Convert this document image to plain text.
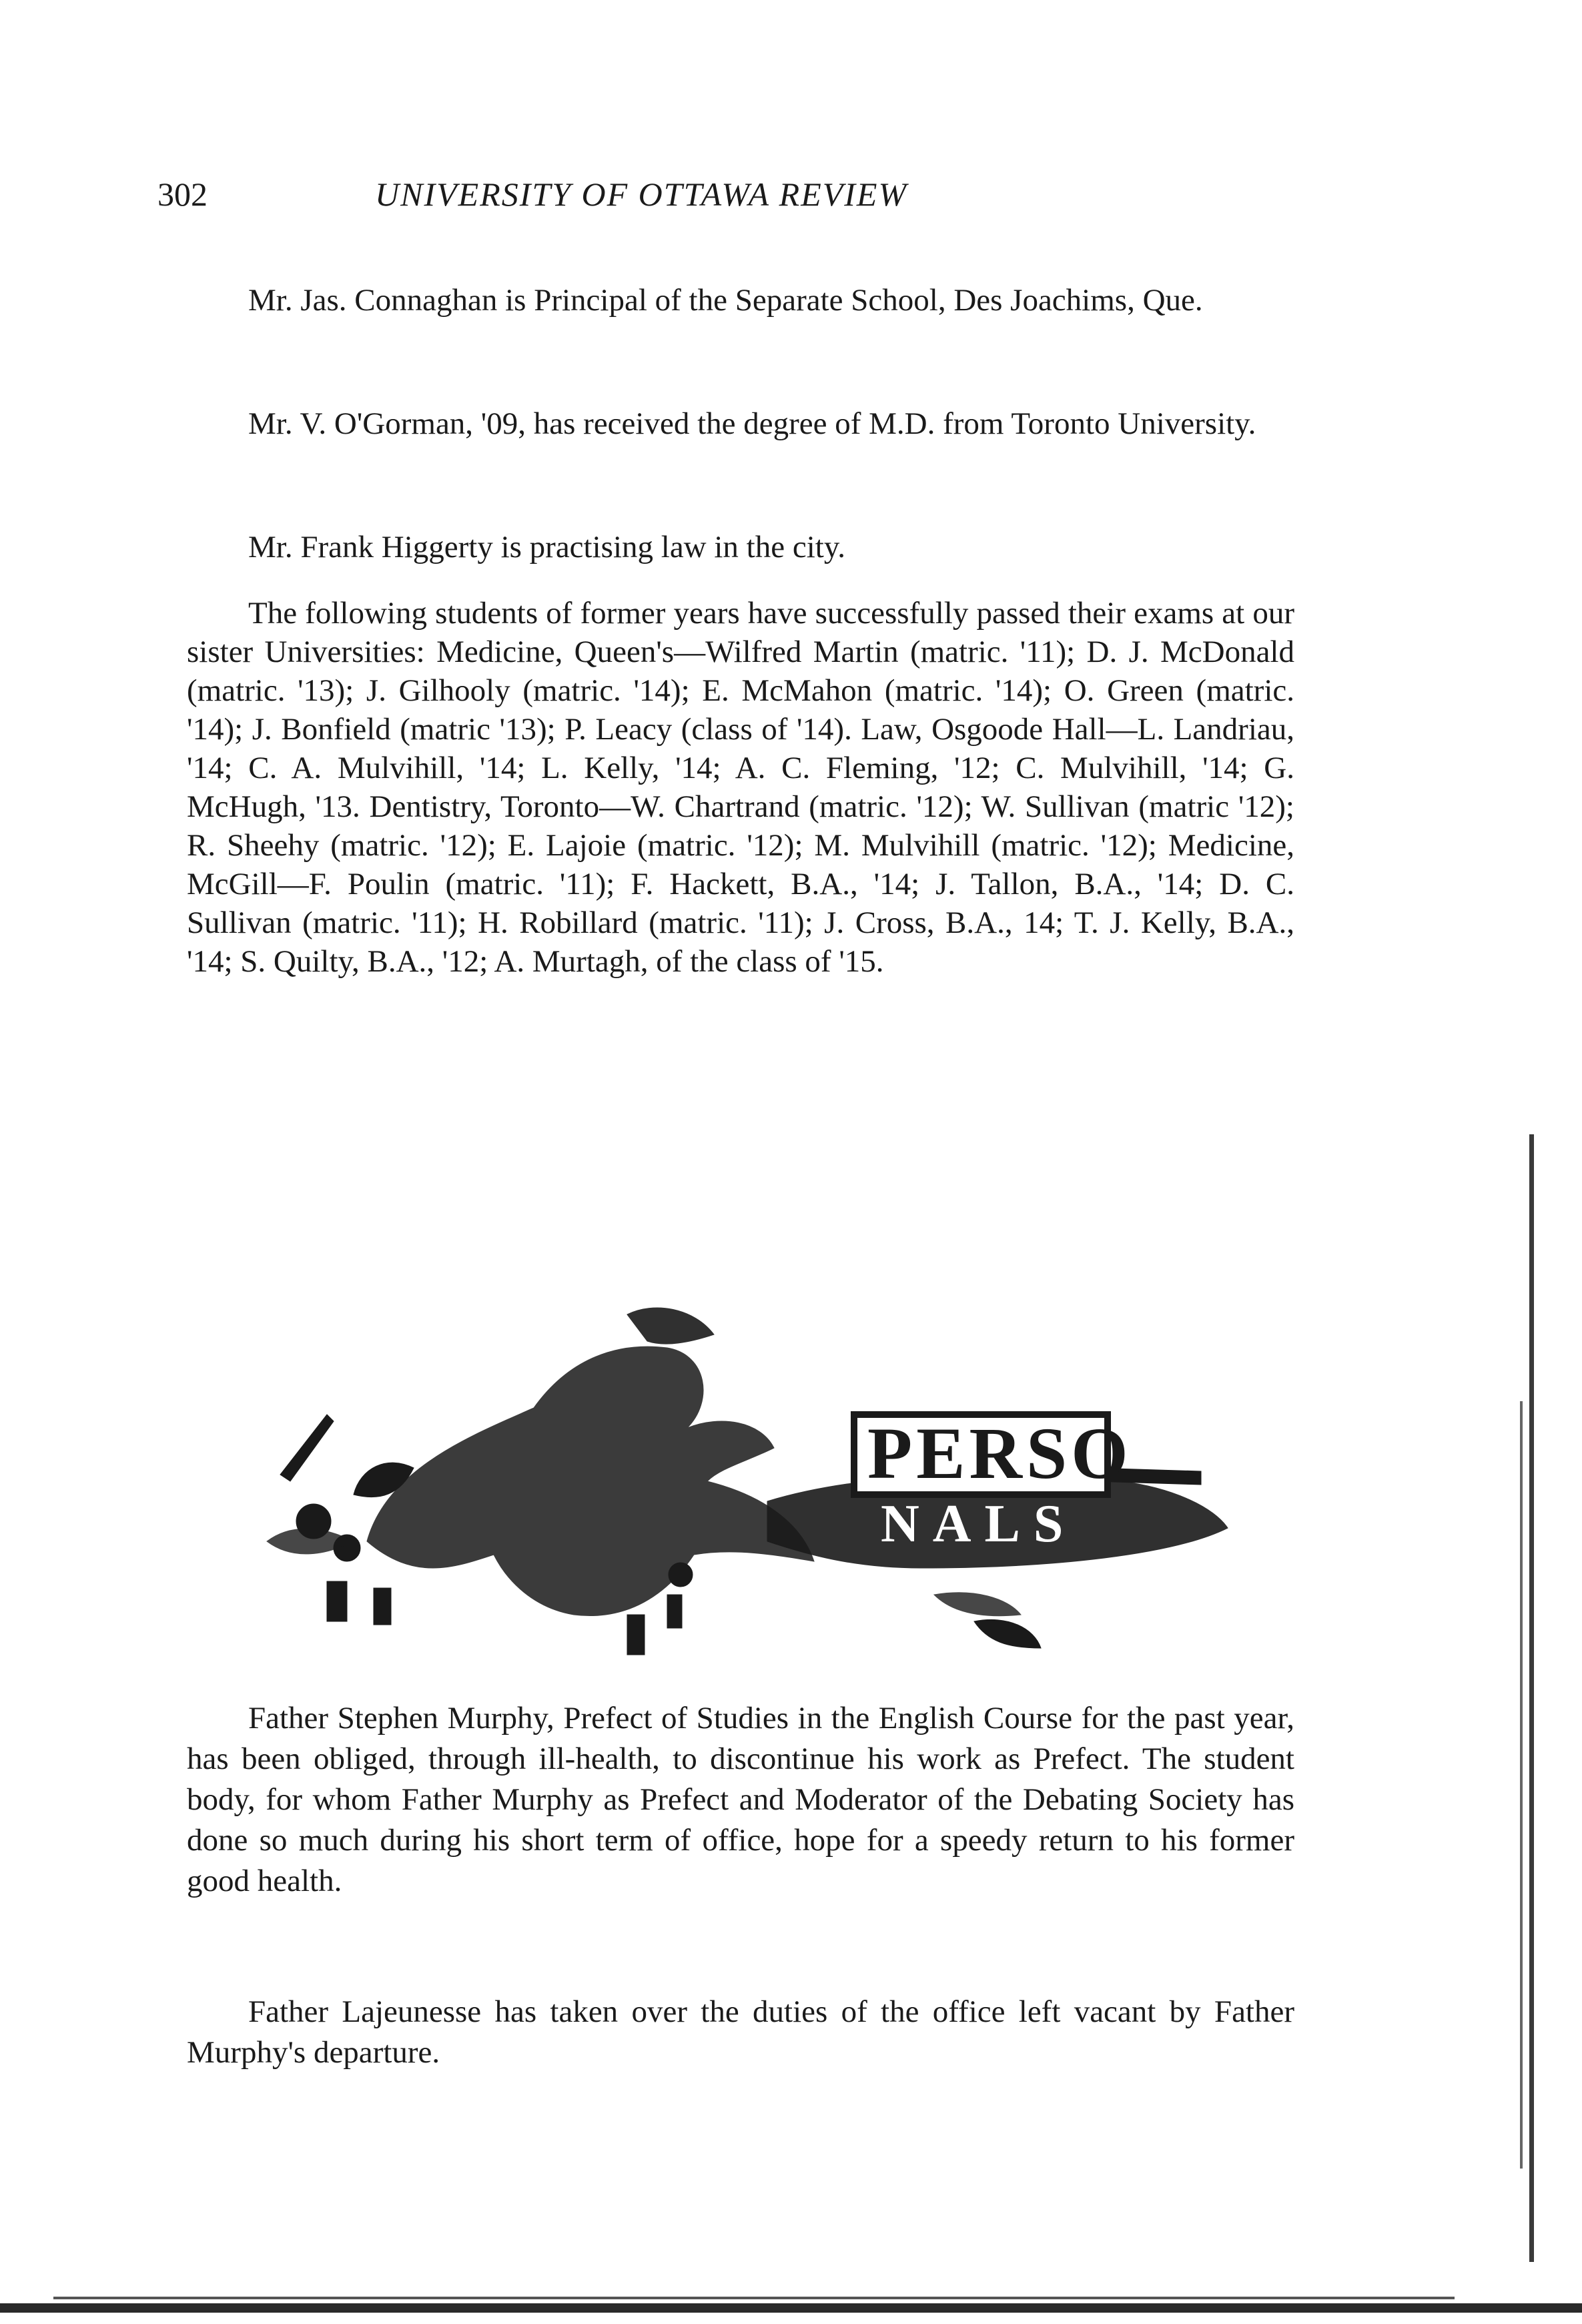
302	UNIVERSITY OF OTTAWA REVIEW

Mr. Jas. Connaghan is Principal of the Separate School, Des Joachims, Que.

Mr. V. O'Gorman, '09, has received the degree of M.D. from Toronto University.

Mr. Frank Higgerty is practising law in the city.

The following students of former years have successfully passed their exams at our sister Universities: Medicine, Queen's—Wilfred Martin (matric. '11); D. J. McDonald (matric. '13); J. Gilhooly (matric. '14); E. McMahon (matric. '14); O. Green (matric. '14); J. Bonfield (matric '13); P. Leacy (class of '14). Law, Osgoode Hall—L. Landriau, '14; C. A. Mulvihill, '14; L. Kelly, '14; A. C. Fleming, '12; C. Mulvihill, '14; G. McHugh, '13. Dentistry, Toronto—W. Chartrand (matric. '12); W. Sullivan (matric '12); R. Sheehy (matric. '12); E. Lajoie (matric. '12); M. Mulvihill (matric. '12); Medicine, McGill—F. Poulin (matric. '11); F. Hackett, B.A., '14; J. Tallon, B.A., '14; D. C. Sullivan (matric. '11); H. Robillard (matric. '11); J. Cross, B.A., 14; T. J. Kelly, B.A., '14; S. Quilty, B.A., '12; A. Murtagh, of the class of '15.

PERSO
NALS

Father Stephen Murphy, Prefect of Studies in the English Course for the past year, has been obliged, through ill-health, to discontinue his work as Prefect. The student body, for whom Father Murphy as Prefect and Moderator of the Debating Society has done so much during his short term of office, hope for a speedy return to his former good health.

Father Lajeunesse has taken over the duties of the office left vacant by Father Murphy's departure.
